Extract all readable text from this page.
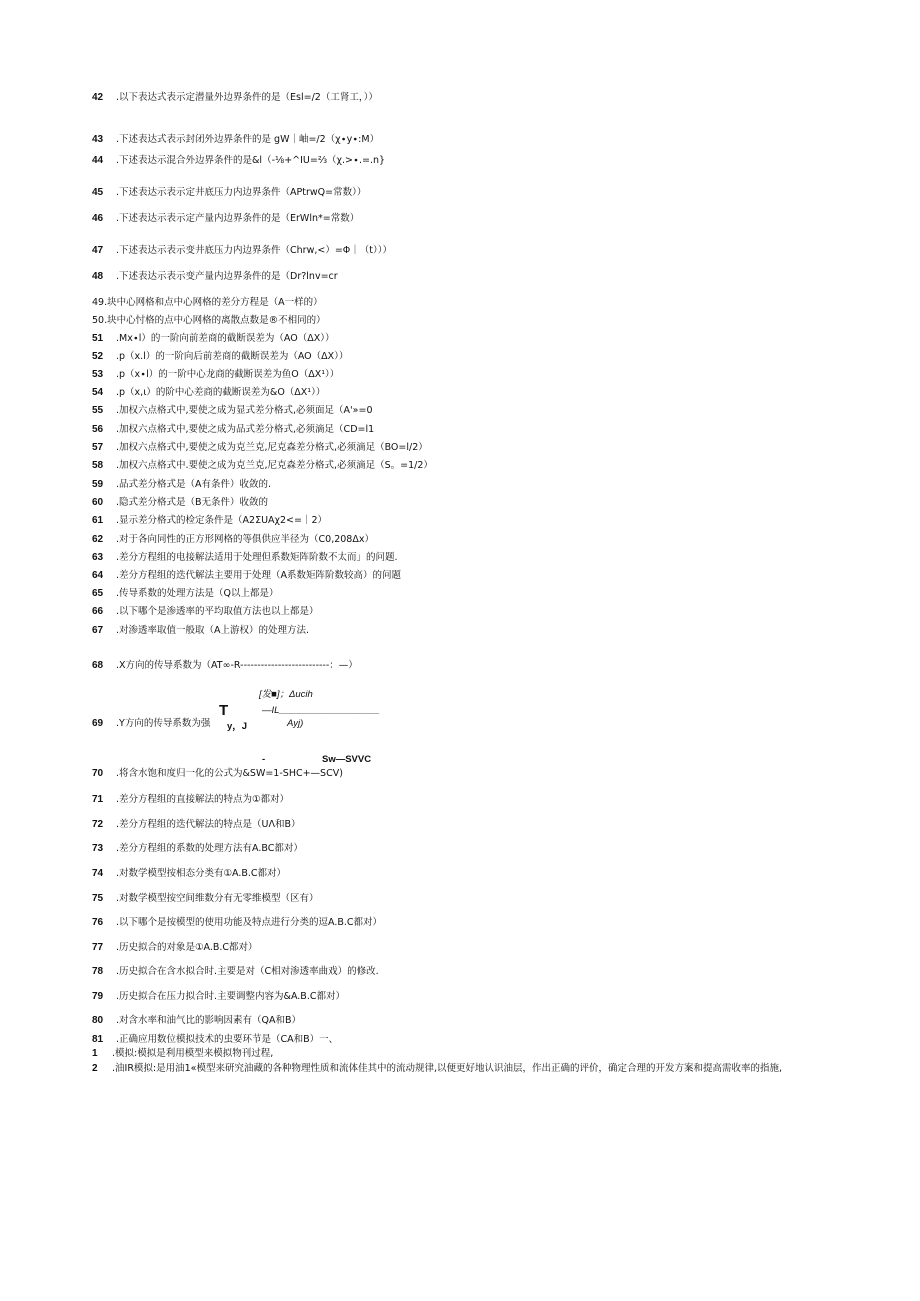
42 .以下表达式表示定潜量外边界条件的是（Esl=/2（工肾工，））
43 .下述表达式表示封闭外边界条件的是 gW｜岫=/2（χ∙y∙:M）
44 .下述表达示混合外边界条件的是&l（-⅛+^IU=⅔（χ.>∙.=.n}
45 .下述表达示表示定井底压力内边界条件（APtrwQ=常数））
46 .下述表达示表示定产量内边界条件的是（ErWln*=常数）
47 .下述表达示表示变井底压力内边界条件（Chrw,<）=Φ｜（t）））
48 .下述表达示表示变产量内边界条件的是（Dr?lnv=cr
49.块中心网格和点中心网格的差分方程是（A一样的）
50.块中心忖格的点中心网格的离散点数是®不相同的）
51 .Mx∙l）的一阶向前差商的截断误差为（AO（ΔX））
52 .p（x.l）的一阶向后前差商的截断误差为（AO（ΔX））
53 .p（x∙l）的一阶中心龙商的截断误差为鱼O（ΔX¹））
54 .p（x,ι）的阶中心差商的截断误差为&O（ΔX¹））
55 .加权六点格式中,要使之成为显式差分格式,必须面足（A'»=0
56 .加权六点格式中,要使之成为品式差分格式,必须滴足（CD=l1
57 .加权六点格式中,要使之成为克兰克,尼克森差分格式,必须滴足（BO=l/2）
58 .加权六点格式中.要使之成为克兰克,尼克森差分格式,必须滴足（S。=1/2）
59 .品式差分格式是（A有条件）收敛的.
60 .隐式差分格式是（B无条件）收敛的
61 .显示差分格式的检定条件是（A2ΣUAχ2<=｜2）
62 .对于各向同性的正方形网格的等俱供应半径为（C0,208Δx）
63 .差分方程组的电接解法适用于处理但系数矩阵阶数不太而」的问题.
64 .差分方程组的迭代解法主要用于处理（A系数矩阵阶数较高）的问题
65 .传导系数的处理方法是（Q以上都是）
66 .以下哪个是渗透率的平均取值方法也以上都是）
67 .对渗透率取值一般取（A上游权）的处理方法.
68 .X方向的传导系数为（AT∞-R--------------------------：—）
69 .Y方向的传导系数为强
70 .将含水饱和度归一化的公式为&SW=1-SHC+—SCV)
71 .差分方程组的直接解法的特点为①都对）
72 .差分方程组的迭代解法的特点是（UΛ和B）
73 .差分方程组的系数的处理方法有A.BC都对）
74 .对数学模型按相态分类有①A.B.C都对）
75 .对数学模型按空间维数分有无零维模型（区有）
76 .以下哪个是按模型的使用功能及特点进行分类的逗A.B.C都对）
77 .历史拟合的对象是①A.B.C都对）
78 .历史拟合在含水拟合时.主要是对（C相对渗透率曲戏）的修改.
79 .历史拟合在压力拟合时.主要调整内容为&A.B.C都对）
80 .对含水率和油气比的影响因素有（QA和B）
81 .正确应用数位模拟技术的虫要环节是（CA和B）一、
1 .模拟:模拟是利用模型来模拟物刊过程,
2 .油IR模拟:是用油1«模型来研究油藏的各种物理性质和流体佳其中的流动规律,以便更好地认识油层，作出正确的评价，确定合理的开发方案和提高需收率的指施,
[发■]；Δucih
T	—IL___________________
y，J	Ayj)
-	Sw—SVVC
